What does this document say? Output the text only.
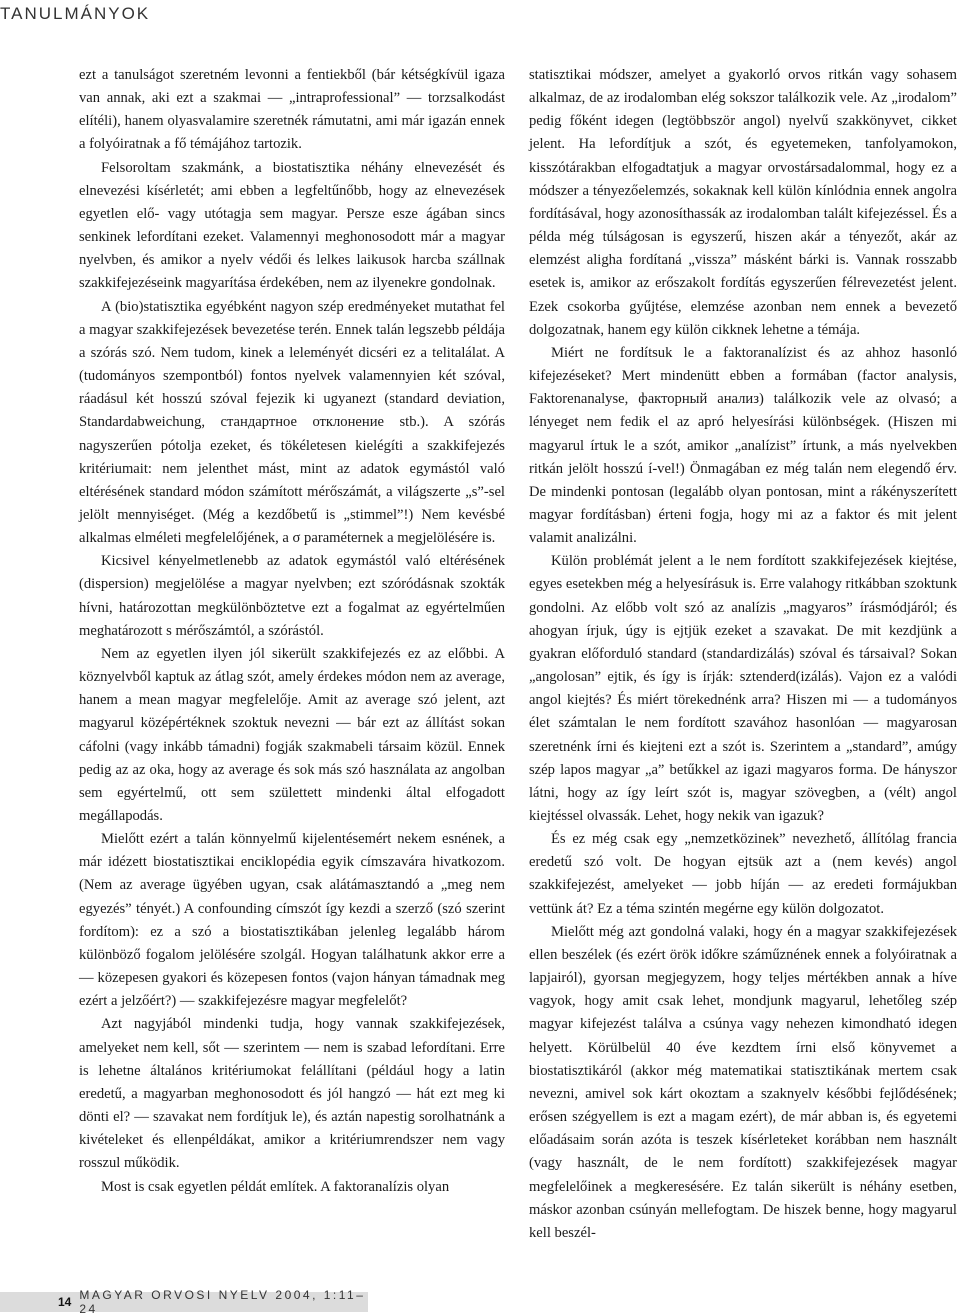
TANULMÁNYOK

ezt a tanulságot szeretném levonni a fentiekből (bár kétségkívül igaza van annak, aki ezt a szakmai — „intraprofessional” — torzsalkodást elítéli), hanem olyasvalamire szeretnék rámutatni, ami már igazán ennek a folyóiratnak a fő témájához tartozik.

Felsoroltam szakmánk, a biostatisztika néhány elnevezését és elnevezési kísérletét; ami ebben a legfeltűnőbb, hogy az elnevezések egyetlen elő- vagy utótagja sem magyar. Persze esze ágában sincs senkinek lefordítani ezeket. Valamennyi meghonosodott már a magyar nyelvben, és amikor a nyelv védői és lelkes laikusok harcba szállnak szakkifejezéseink magyarítása érdekében, nem az ilyenekre gondolnak.

A (bio)statisztika egyébként nagyon szép eredményeket mutathat fel a magyar szakkifejezések bevezetése terén. Ennek talán legszebb példája a szórás szó. Nem tudom, kinek a leleményét dicséri ez a telitalálat. A (tudományos szempontból) fontos nyelvek valamennyien két szóval, ráadásul két hosszú szóval fejezik ki ugyanezt (standard deviation, Standardabweichung, стандартное отклонение stb.). A szórás nagyszerűen pótolja ezeket, és tökéletesen kielégíti a szakkifejezés kritériumait: nem jelenthet mást, mint az adatok egymástól való eltérésének standard módon számított mérőszámát, a világszerte „s”-sel jelölt mennyiséget. (Még a kezdőbetű is „stimmel”!) Nem kevésbé alkalmas elméleti megfelelőjének, a σ paraméternek a megjelölésére is.

Kicsivel kényelmetlenebb az adatok egymástól való eltérésének (dispersion) megjelölése a magyar nyelvben; ezt szóródásnak szokták hívni, határozottan megkülönböztetve ezt a fogalmat az egyértelműen meghatározott s mérőszámtól, a szórástól.

Nem az egyetlen ilyen jól sikerült szakkifejezés ez az előbbi. A köznyelvből kaptuk az átlag szót, amely érdekes módon nem az average, hanem a mean magyar megfelelője. Amit az average szó jelent, azt magyarul középértéknek szoktuk nevezni — bár ezt az állítást sokan cáfolni (vagy inkább támadni) fogják szakmabeli társaim közül. Ennek pedig az az oka, hogy az average és sok más szó használata az angolban sem egyértelmű, ott sem születtett mindenki által elfogadott megállapodás.

Mielőtt ezért a talán könnyelmű kijelentésemért nekem esnének, a már idézett biostatisztikai enciklopédia egyik címszavára hivatkozom. (Nem az average ügyében ugyan, csak alátámasztandó a „meg nem egyezés” tényét.) A confounding címszót így kezdi a szerző (szó szerint fordítom): ez a szó a biostatisztikában jelenleg legalább három különböző fogalom jelölésére szolgál. Hogyan találhatunk akkor erre a — közepesen gyakori és közepesen fontos (vajon hányan támadnak meg ezért a jelzőért?) — szakkifejezésre magyar megfelelőt?

Azt nagyjából mindenki tudja, hogy vannak szakkifejezések, amelyeket nem kell, sőt — szerintem — nem is szabad lefordítani. Erre is lehetne általános kritériumokat felállítani (például hogy a latin eredetű, a magyarban meghonosodott és jól hangzó — hát ezt meg ki dönti el? — szavakat nem fordítjuk le), és aztán napestig sorolhatnánk a kivételeket és ellenpéldákat, amikor a kritériumrendszer nem vagy rosszul működik.

Most is csak egyetlen példát említek. A faktoranalízis olyan

statisztikai módszer, amelyet a gyakorló orvos ritkán vagy sohasem alkalmaz, de az irodalomban elég sokszor találkozik vele. Az „irodalom” pedig főként idegen (legtöbbször angol) nyelvű szakkönyvet, cikket jelent. Ha lefordítjuk a szót, és egyetemeken, tanfolyamokon, kisszótárakban elfogadtatjuk a magyar orvostársadalommal, hogy ez a módszer a tényezőelemzés, sokaknak kell külön kínlódnia ennek angolra fordításával, hogy azonosíthassák az irodalomban talált kifejezéssel. És a példa még túlságosan is egyszerű, hiszen akár a tényezőt, akár az elemzést aligha fordítaná „vissza” másként bárki is. Vannak rosszabb esetek is, amikor az erőszakolt fordítás egyszerűen félrevezetést jelent. Ezek csokorba gyűjtése, elemzése azonban nem ennek a bevezető dolgozatnak, hanem egy külön cikknek lehetne a témája.

Miért ne fordítsuk le a faktoranalízist és az ahhoz hasonló kifejezéseket? Mert mindenütt ebben a formában (factor analysis, Faktorenanalyse, факторный анализ) találkozik vele az olvasó; a lényeget nem fedik el az apró helyesírási különbségek. (Hiszen mi magyarul írtuk le a szót, amikor „analízist” írtunk, a más nyelvekben ritkán jelölt hosszú í-vel!) Önmagában ez még talán nem elegendő érv. De mindenki pontosan (legalább olyan pontosan, mint a rákényszerített magyar fordításban) érteni fogja, hogy mi az a faktor és mit jelent valamit analizálni.

Külön problémát jelent a le nem fordított szakkifejezések kiejtése, egyes esetekben még a helyesírásuk is. Erre valahogy ritkábban szoktunk gondolni. Az előbb volt szó az analízis „magyaros” írásmódjáról; és ahogyan írjuk, úgy is ejtjük ezeket a szavakat. De mit kezdjünk a gyakran előforduló standard (standardizálás) szóval és társaival? Sokan „angolosan” ejtik, és így is írják: sztenderd(izálás). Vajon ez a valódi angol kiejtés? És miért törekednénk arra? Hiszen mi — a tudományos élet számtalan le nem fordított szavához hasonlóan — magyarosan szeretnénk írni és kiejteni ezt a szót is. Szerintem a „standard”, amúgy szép lapos magyar „a” betűkkel az igazi magyaros forma. De hányszor látni, hogy az így leírt szót is, magyar szövegben, a (vélt) angol kiejtéssel olvassák. Lehet, hogy nekik van igazuk?

És ez még csak egy „nemzetközinek” nevezhető, állítólag francia eredetű szó volt. De hogyan ejtsük azt a (nem kevés) angol szakkifejezést, amelyeket — jobb híján — az eredeti formájukban vettünk át? Ez a téma szintén megérne egy külön dolgozatot.

Mielőtt még azt gondolná valaki, hogy én a magyar szakkifejezések ellen beszélek (és ezért örök időkre száműznének ennek a folyóiratnak a lapjairól), gyorsan megjegyzem, hogy teljes mértékben annak a híve vagyok, hogy amit csak lehet, mondjunk magyarul, lehetőleg szép magyar kifejezést találva a csúnya vagy nehezen kimondható idegen helyett. Körülbelül 40 éve kezdtem írni első könyvemet a biostatisztikáról (akkor még matematikai statisztikának mertem csak nevezni, amivel sok kárt okoztam a szaknyelv későbbi fejlődésének; erősen szégyellem is ezt a magam ezért), de már abban is, és egyetemi előadásaim során azóta is teszek kísérleteket korábban nem használt (vagy használt, de le nem fordított) szakkifejezések magyar megfelelőinek a megkeresésére. Ez talán sikerült is néhány esetben, máskor azonban csúnyán mellefogtam. De hiszek benne, hogy magyarul kell beszél-

14 MAGYAR ORVOSI NYELV 2004, 1:11–24
